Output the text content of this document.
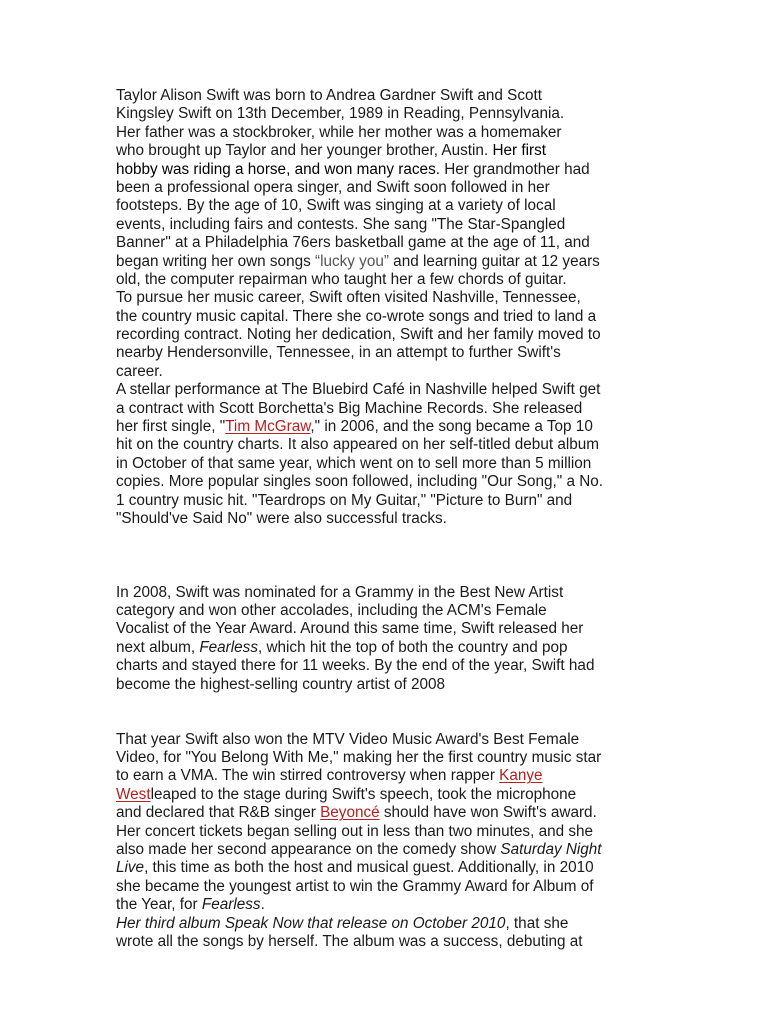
Taylor Alison Swift was born to Andrea Gardner Swift and Scott
Kingsley Swift on 13th December, 1989 in Reading, Pennsylvania.
Her father was a stockbroker, while her mother was a homemaker
who brought up Taylor and her younger brother, Austin. Her first
hobby was riding a horse, and won many races. Her grandmother had
been a professional opera singer, and Swift soon followed in her
footsteps. By the age of 10, Swift was singing at a variety of local
events, including fairs and contests. She sang "The Star-Spangled
Banner" at a Philadelphia 76ers basketball game at the age of 11, and
began writing her own songs “lucky you” and learning guitar at 12 years
old, the computer repairman who taught her a few chords of guitar.
To pursue her music career, Swift often visited Nashville, Tennessee,
the country music capital. There she co-wrote songs and tried to land a
recording contract. Noting her dedication, Swift and her family moved to
nearby Hendersonville, Tennessee, in an attempt to further Swift's
career.
A stellar performance at The Bluebird Café in Nashville helped Swift get
a contract with Scott Borchetta's Big Machine Records. She released
her first single, "Tim McGraw," in 2006, and the song became a Top 10
hit on the country charts. It also appeared on her self-titled debut album
in October of that same year, which went on to sell more than 5 million
copies. More popular singles soon followed, including "Our Song," a No.
1 country music hit. "Teardrops on My Guitar," "Picture to Burn" and
"Should've Said No" were also successful tracks.
In 2008, Swift was nominated for a Grammy in the Best New Artist
category and won other accolades, including the ACM's Female
Vocalist of the Year Award. Around this same time, Swift released her
next album, Fearless, which hit the top of both the country and pop
charts and stayed there for 11 weeks. By the end of the year, Swift had
become the highest-selling country artist of 2008
That year Swift also won the MTV Video Music Award's Best Female
Video, for "You Belong With Me," making her the first country music star
to earn a VMA. The win stirred controversy when rapper Kanye
Westleaped to the stage during Swift's speech, took the microphone
and declared that R&B singer Beyoncé should have won Swift's award.
Her concert tickets began selling out in less than two minutes, and she
also made her second appearance on the comedy show Saturday Night
Live, this time as both the host and musical guest. Additionally, in 2010
she became the youngest artist to win the Grammy Award for Album of
the Year, for Fearless.
Her third album Speak Now that release on October 2010, that she
wrote all the songs by herself. The album was a success, debuting at
